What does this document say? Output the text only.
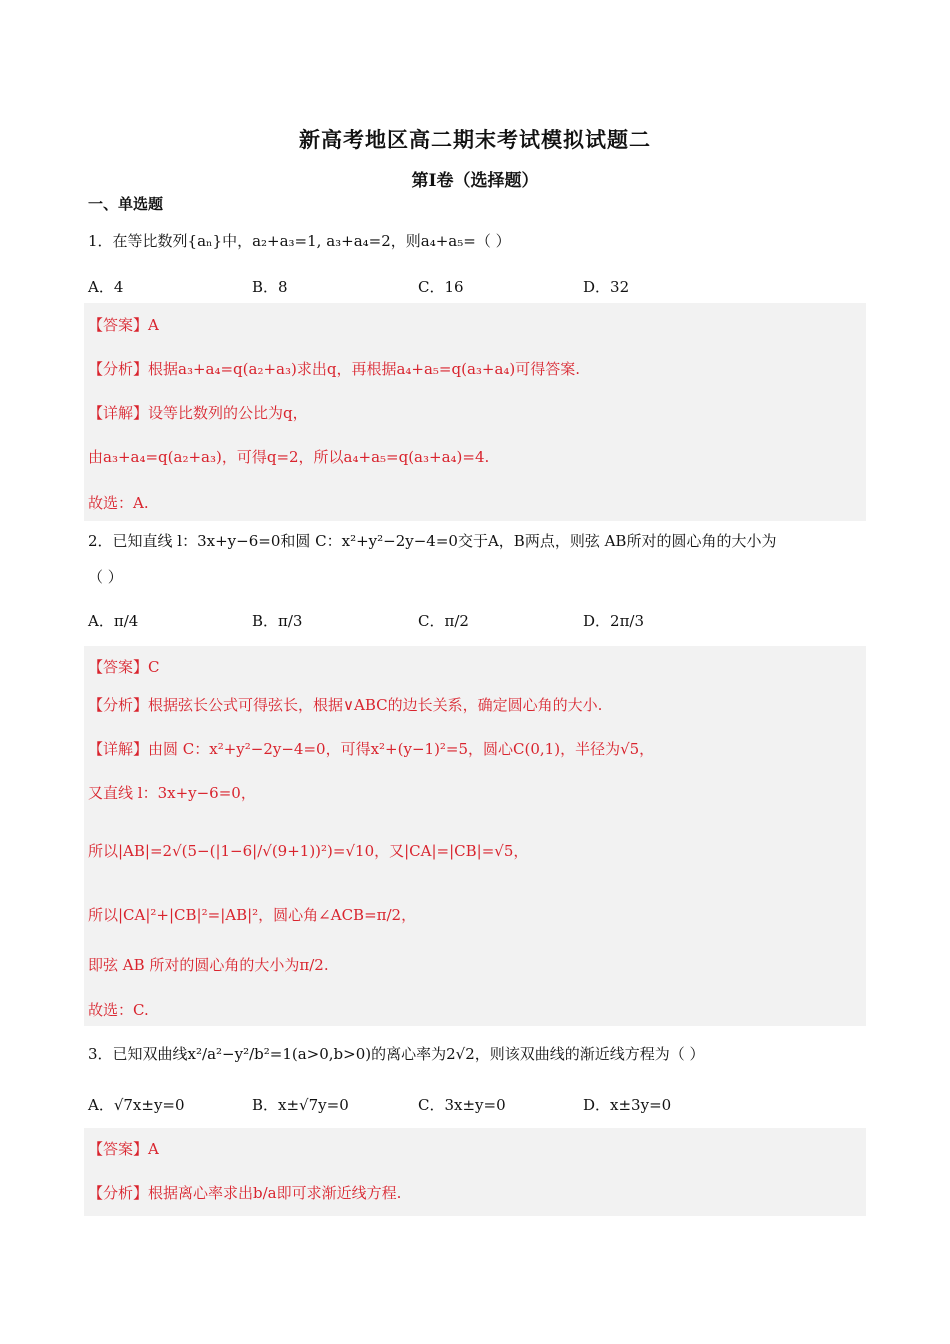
新高考地区高二期末考试模拟试题二
第I卷（选择题）
一、单选题
1．在等比数列{aₙ}中，a₂+a₃=1, a₃+a₄=2，则a₄+a₅=（ ）
A．4	B．8	C．16	D．32
【答案】A
【分析】根据a₃+a₄=q(a₂+a₃)求出q，再根据a₄+a₅=q(a₃+a₄)可得答案.
【详解】设等比数列的公比为q，
由a₃+a₄=q(a₂+a₃)，可得q=2，所以a₄+a₅=q(a₃+a₄)=4.
故选：A.
2．已知直线 l：3x+y−6=0和圆 C：x²+y²−2y−4=0交于A，B两点，则弦 AB所对的圆心角的大小为
（ ）
A．π/4	B．π/3	C．π/2	D．2π/3
【答案】C
【分析】根据弦长公式可得弦长，根据∨ABC的边长关系，确定圆心角的大小.
【详解】由圆 C：x²+y²−2y−4=0，可得x²+(y−1)²=5，圆心C(0,1)，半径为√5，
又直线 l：3x+y−6=0，
所以|AB|=2√(5−(|1−6|/√(9+1))²)=√10，又|CA|=|CB|=√5，
所以|CA|²+|CB|²=|AB|²，圆心角∠ACB=π/2，
即弦 AB 所对的圆心角的大小为π/2.
故选：C.
3．已知双曲线x²/a²−y²/b²=1(a>0,b>0)的离心率为2√2，则该双曲线的渐近线方程为（ ）
A．√7x±y=0	B．x±√7y=0	C．3x±y=0	D．x±3y=0
【答案】A
【分析】根据离心率求出b/a即可求渐近线方程.
